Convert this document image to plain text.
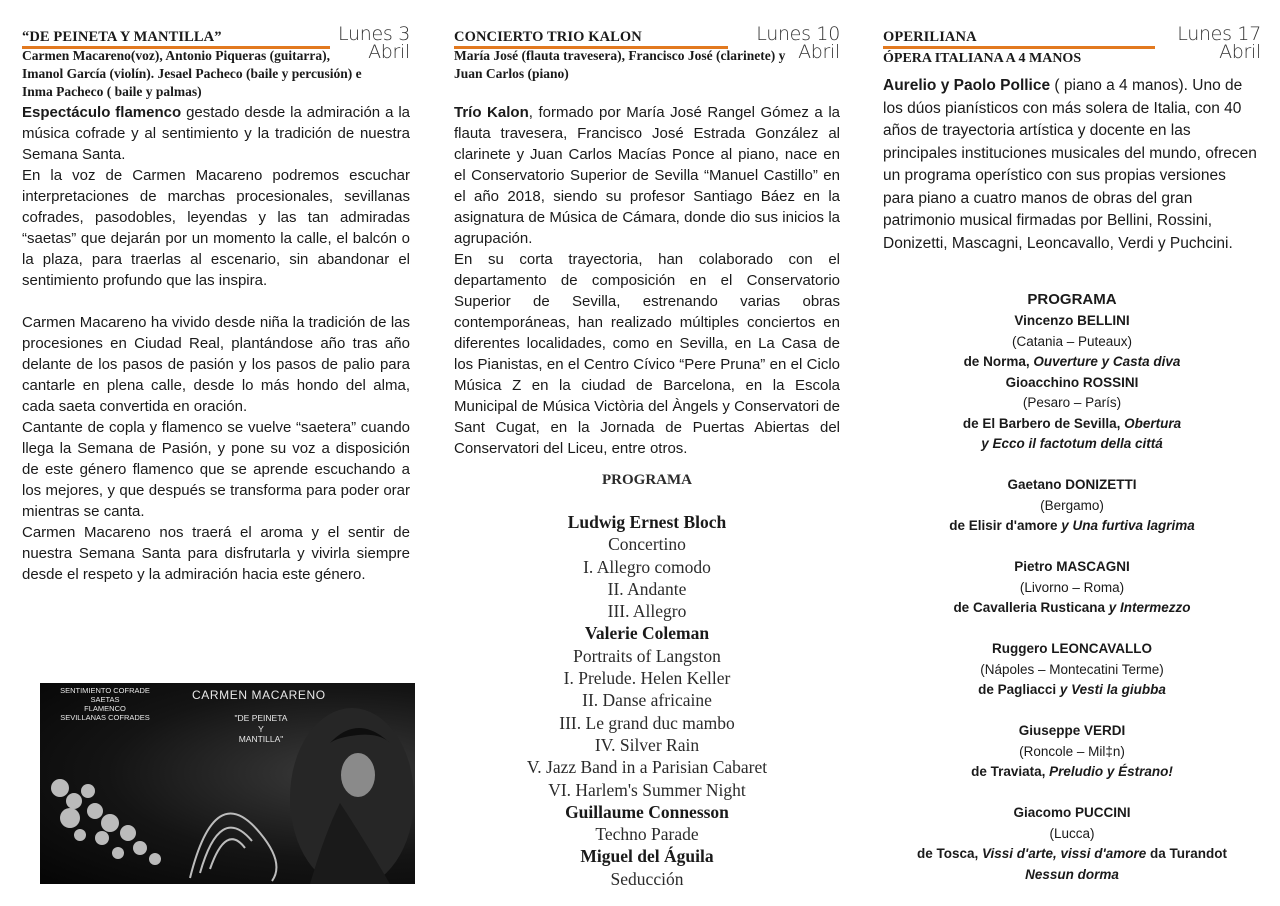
“DE PEINETA Y MANTILLA”	Lunes 3
Abril
Carmen Macareno(voz), Antonio Piqueras (guitarra), Imanol García (violín). Jesael Pacheco (baile y percusión) e Inma Pacheco ( baile y palmas)

Espectáculo flamenco gestado desde la admiración a la música cofrade y al sentimiento y la tradición de nuestra Semana Santa.

En la voz de Carmen Macareno podremos escuchar interpretaciones de marchas procesionales, sevillanas cofrades, pasodobles, leyendas y las tan admiradas “saetas” que dejarán por un momento la calle, el balcón o la plaza, para traerlas al escenario, sin abandonar el sentimiento profundo que las inspira.

Carmen Macareno ha vivido desde niña la tradición de las procesiones en Ciudad Real, plantándose año tras año delante de los pasos de pasión y los pasos de palio para cantarle en plena calle, desde lo más hondo del alma, cada saeta convertida en oración.

Cantante de copla y flamenco se vuelve “saetera” cuando llega la Semana de Pasión, y pone su voz a disposición de este género flamenco que se aprende escuchando a los mejores, y que después se transforma para poder orar mientras se canta.

Carmen Macareno nos traerá el aroma y el sentir de nuestra Semana Santa para disfrutarla y vivirla siempre desde el respeto y la admiración hacia este género.

SENTIMIENTO COFRADE
SAETAS
FLAMENCO
SEVILLANAS COFRADES
CARMEN MACARENO
"DE PEINETA
Y
MANTILLA"
CONCIERTO TRIO KALON	Lunes 10
Abril
María José (flauta travesera), Francisco José (clarinete) y Juan Carlos (piano)

Trío Kalon, formado por María José Rangel Gómez a la flauta travesera, Francisco José Estrada González al clarinete y Juan Carlos Macías Ponce al piano, nace en el Conservatorio Superior de Sevilla “Manuel Castillo” en el año 2018, siendo su profesor Santiago Báez en la asignatura de Música de Cámara, donde dio sus inicios la agrupación.

En su corta trayectoria, han colaborado con el departamento de composición en el Conservatorio Superior de Sevilla, estrenando varias obras contemporáneas, han realizado múltiples conciertos en diferentes localidades, como en Sevilla, en La Casa de los Pianistas, en el Centro Cívico “Pere Pruna” en el Ciclo Música Z en la ciudad de Barcelona, en la Escola Municipal de Música Victòria del Àngels y Conservatori de Sant Cugat, en la Jornada de Puertas Abiertas del Conservatori del Liceu, entre otros.

PROGRAMA
Ludwig Ernest Bloch
Concertino
I. Allegro comodo
II. Andante
III. Allegro
Valerie Coleman
Portraits of Langston
I. Prelude. Helen Keller
II. Danse africaine
III. Le grand duc mambo
IV. Silver Rain
V. Jazz Band in a Parisian Cabaret
VI. Harlem's Summer Night
Guillaume Connesson
Techno Parade
Miguel del Águila
Seducción
OPERILIANA
ÓPERA ITALIANA A 4 MANOS
Lunes 17
Abril
Aurelio y Paolo Pollice ( piano a 4 manos). Uno de los dúos pianísticos con más solera de Italia, con 40 años de trayectoria artística y docente en las principales instituciones musicales del mundo, ofrecen un programa operístico con sus propias versiones para piano a cuatro manos de obras del gran patrimonio musical firmadas por Bellini, Rossini, Donizetti, Mascagni, Leoncavallo, Verdi y Puchcini.
PROGRAMA
Vincenzo BELLINI
(Catania – Puteaux)
de Norma, Ouverture y Casta diva
Gioacchino ROSSINI
(Pesaro – París)
de El Barbero de Sevilla, Obertura
y Ecco il factotum della cittá
Gaetano DONIZETTI
(Bergamo)
de Elisir d'amore y Una furtiva lagrima
Pietro MASCAGNI
(Livorno – Roma)
de Cavalleria Rusticana y Intermezzo
Ruggero LEONCAVALLO
(Nápoles – Montecatini Terme)
de Pagliacci y Vesti la giubba
Giuseppe VERDI
(Roncole – Mil‡n)
de Traviata, Preludio y Éstrano!
Giacomo PUCCINI
(Lucca)
de Tosca, Vissi d'arte, vissi d'amore da Turandot
Nessun dorma
